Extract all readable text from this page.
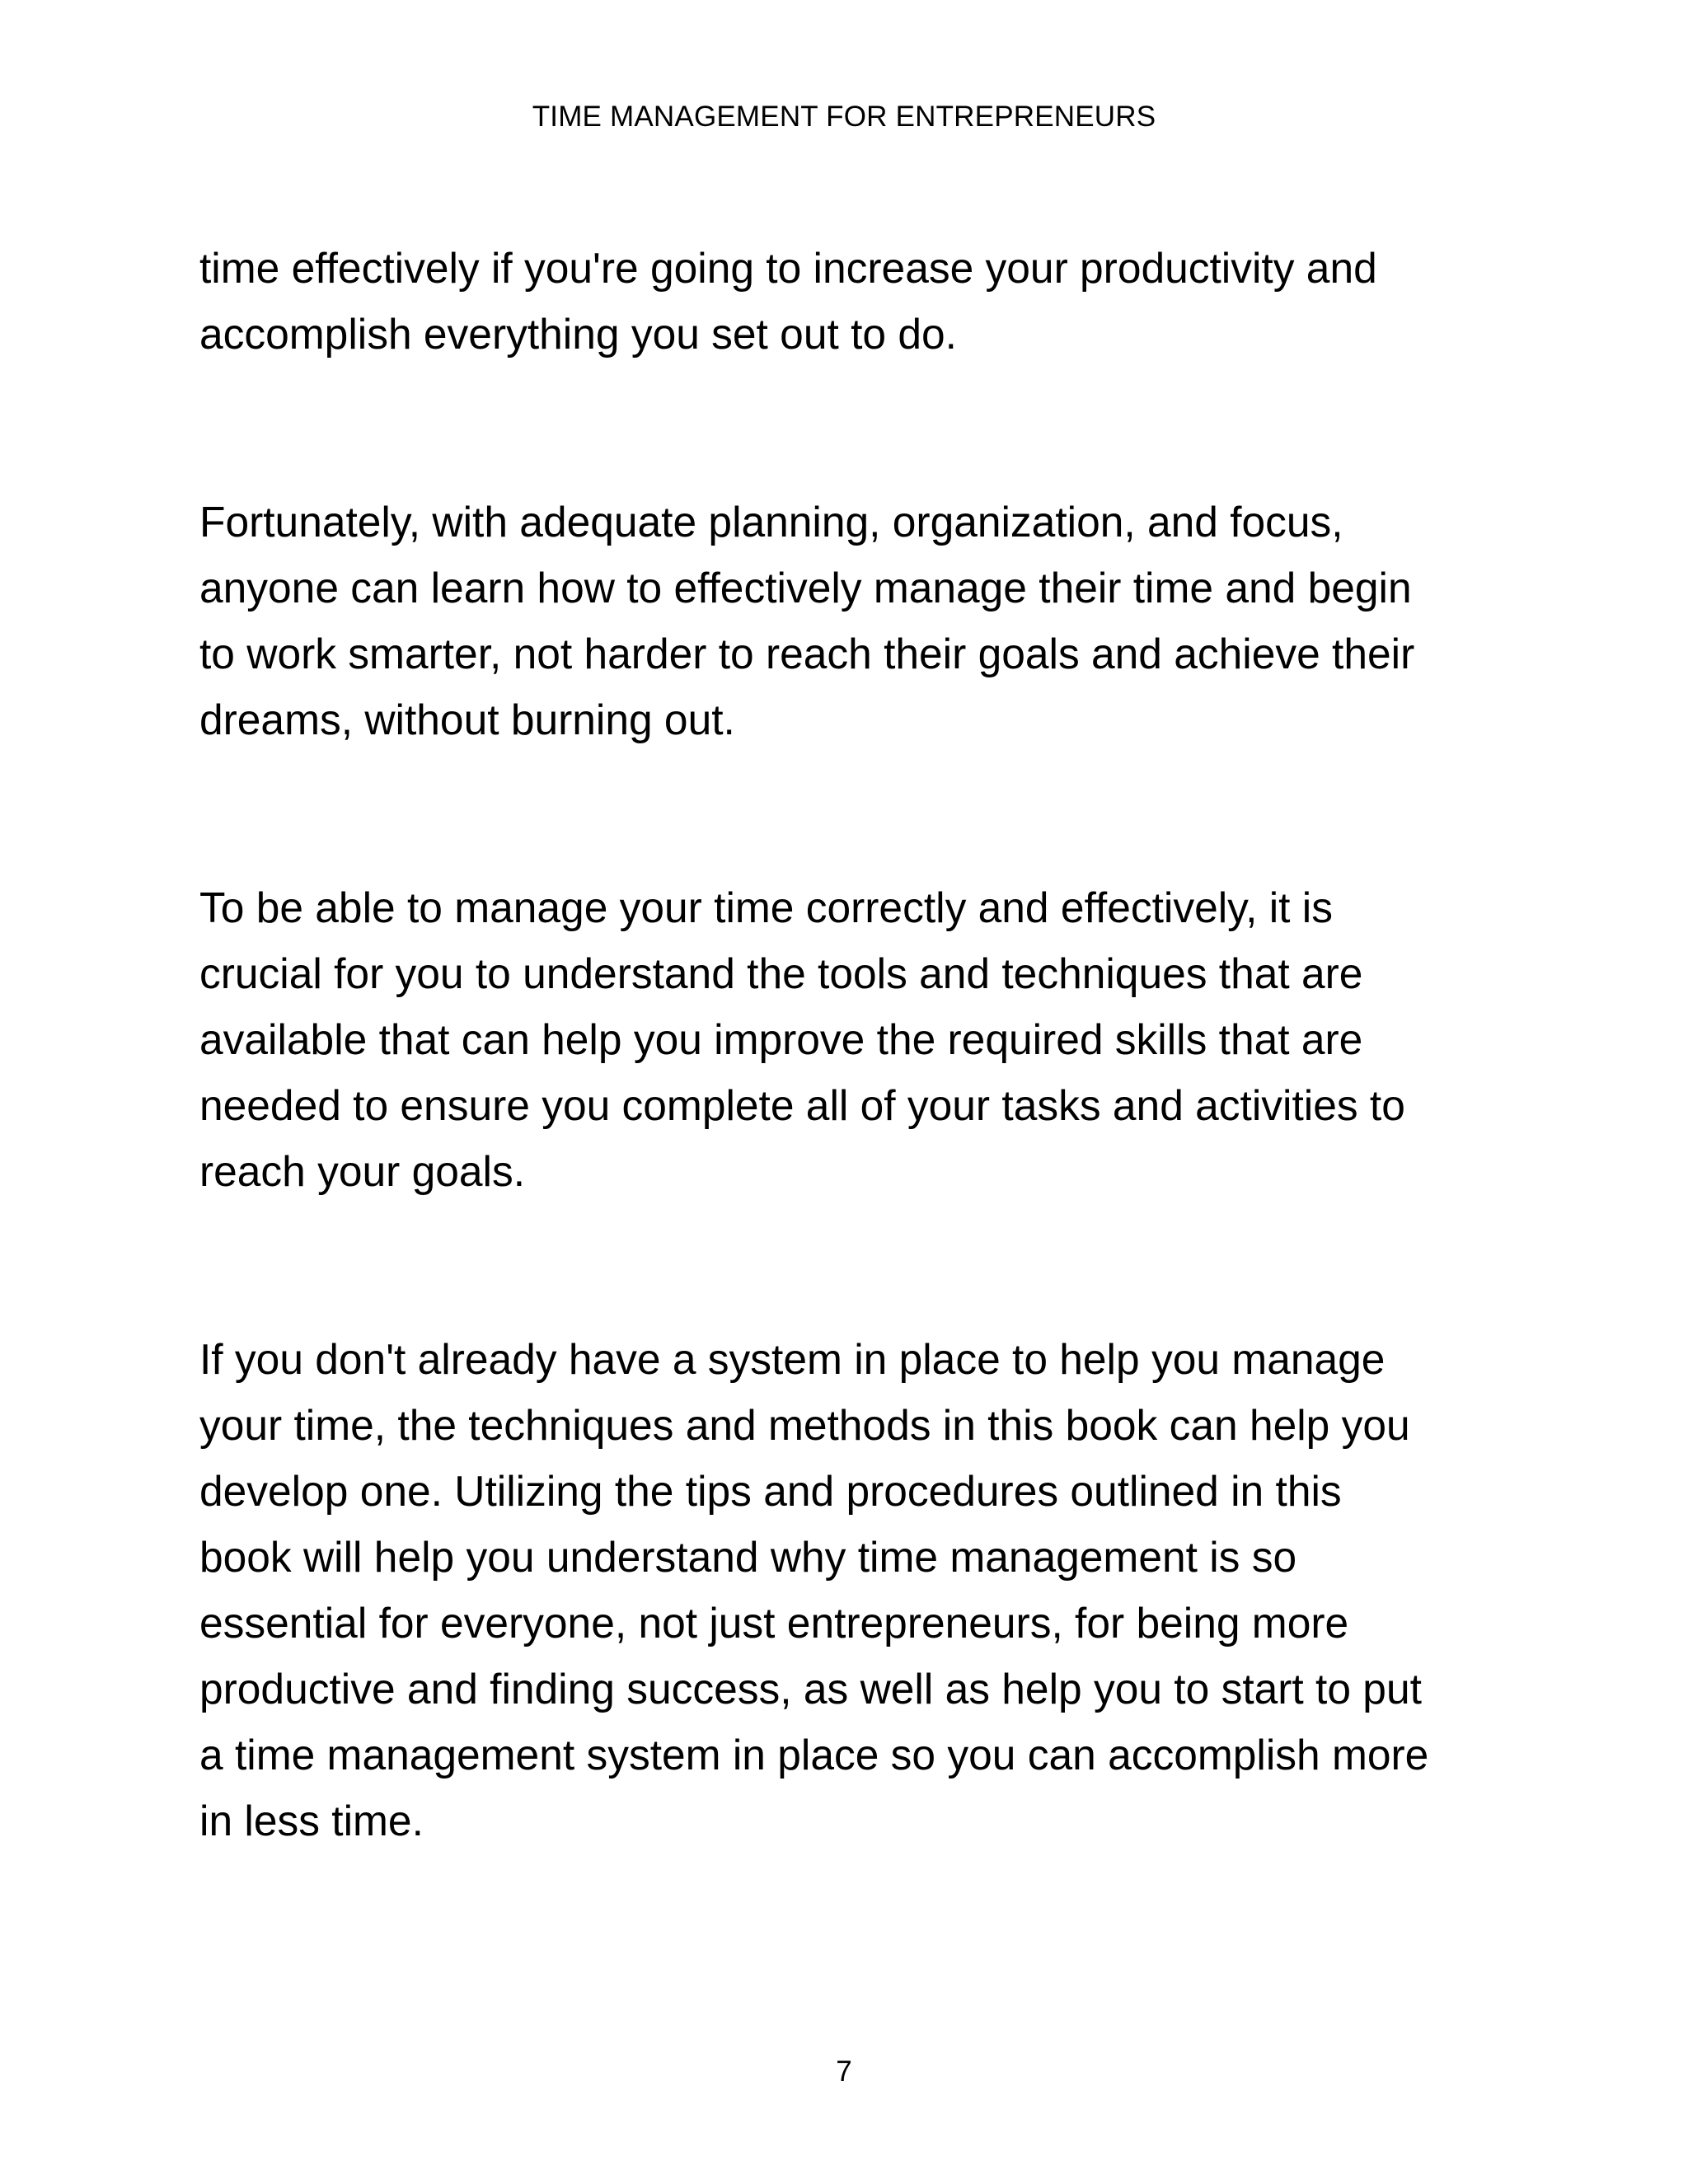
TIME MANAGEMENT FOR ENTREPRENEURS

time effectively if you're going to increase your productivity and
accomplish everything you set out to do.

Fortunately, with adequate planning, organization, and focus,
anyone can learn how to effectively manage their time and begin
to work smarter, not harder to reach their goals and achieve their
dreams, without burning out.

To be able to manage your time correctly and effectively, it is
crucial for you to understand the tools and techniques that are
available that can help you improve the required skills that are
needed to ensure you complete all of your tasks and activities to
reach your goals.

If you don't already have a system in place to help you manage
your time, the techniques and methods in this book can help you
develop one. Utilizing the tips and procedures outlined in this
book will help you understand why time management is so
essential for everyone, not just entrepreneurs, for being more
productive and finding success, as well as help you to start to put
a time management system in place so you can accomplish more
in less time.

7
